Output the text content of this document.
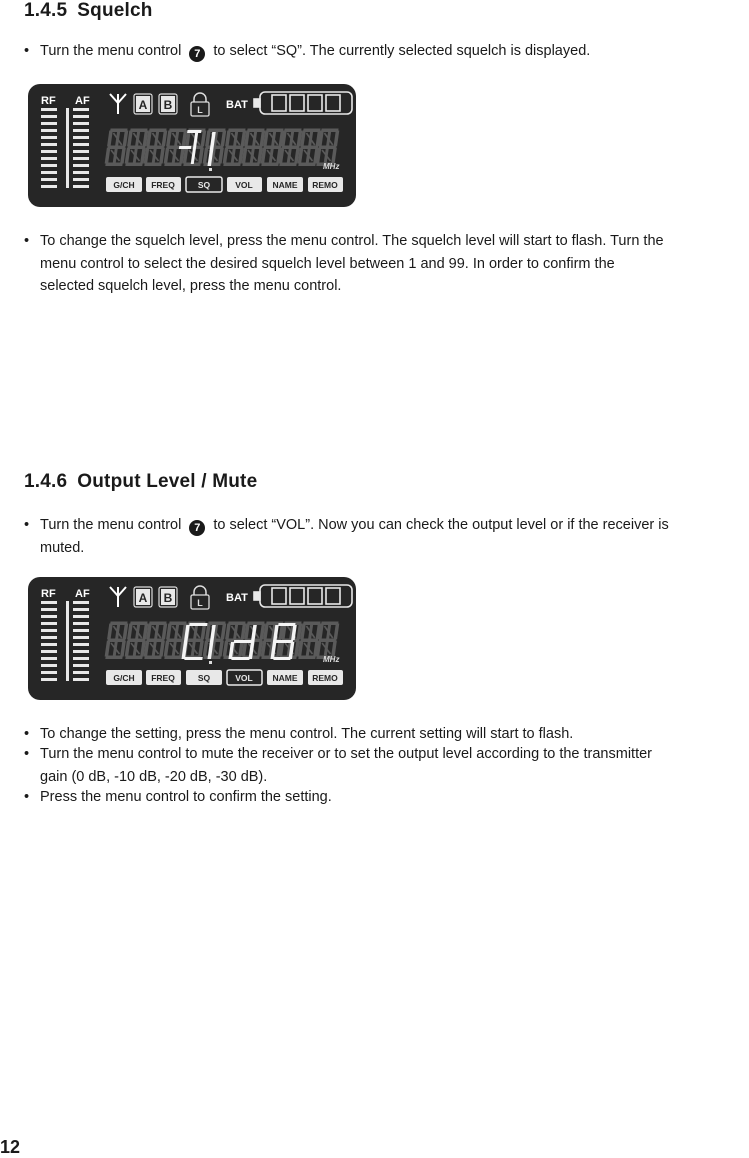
1.4.5 Squelch
• Turn the menu control 7 to select “SQ”. The currently selected squelch is displayed.
RF AF	A B	L BAT
MHz
G/CH FREQ	SQ	VOL NAME REMO
• To change the squelch level, press the menu control. The squelch level will start to flash. Turn the
menu control to select the desired squelch level between 1 and 99. In order to confirm the
selected squelch level, press the menu control.
1.4.6 Output Level / Mute
• Turn the menu control 7 to select “VOL”. Now you can check the output level or if the receiver is
muted.
RF AF	A B	L BAT
MHz
G/CH FREQ	SQ	VOL NAME REMO
• To change the setting, press the menu control. The current setting will start to flash.
• Turn the menu control to mute the receiver or to set the output level according to the transmitter
gain (0 dB, -10 dB, -20 dB, -30 dB).
• Press the menu control to confirm the setting.
12
